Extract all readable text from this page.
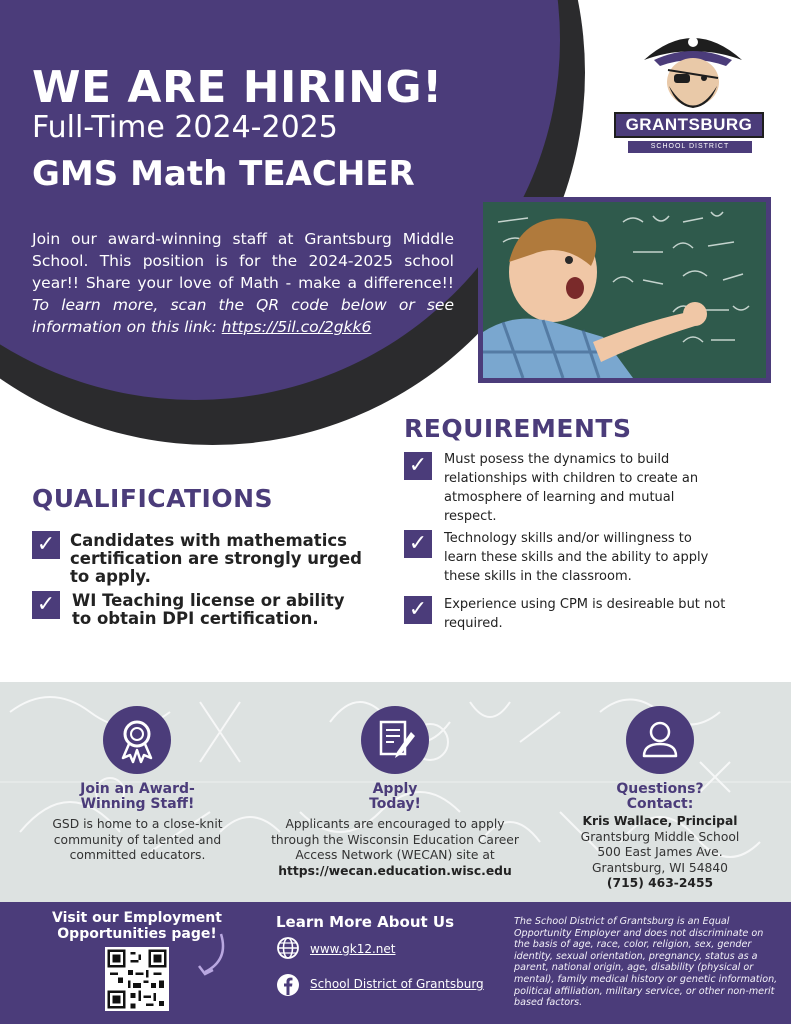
WE ARE HIRING!
Full-Time 2024-2025
GMS Math TEACHER
Join our award-winning staff at Grantsburg Middle School. This position is for the 2024-2025 school year!! Share your love of Math - make a difference!! To learn more, scan the QR code below or see information on this link: https://5il.co/2gkk6
GRANTSBURG
SCHOOL DISTRICT
REQUIREMENTS
✓	Must posess the dynamics to build relationships with children to create an atmosphere of learning and mutual respect.
✓	Technology skills and/or willingness to learn these skills and the ability to apply these skills in the classroom.
✓	Experience using CPM is desireable but not required.
QUALIFICATIONS
✓ Candidates with mathematics certification are strongly urged to apply.
✓ WI Teaching license or ability to obtain DPI certification.
Join an Award-Winning Staff!
GSD is home to a close-knit community of talented and committed educators.
Apply Today!
Applicants are encouraged to apply through the Wisconsin Education Career Access Network (WECAN) site at https://wecan.education.wisc.edu
Questions? Contact:
Kris Wallace, Principal
Grantsburg Middle School
500 East James Ave.
Grantsburg, WI 54840
(715) 463-2455
Visit our Employment Opportunities page!
Learn More About Us
www.gk12.net
School District of Grantsburg
The School District of Grantsburg is an Equal Opportunity Employer and does not discriminate on the basis of age, race, color, religion, sex, gender identity, sexual orientation, pregnancy, status as a parent, national origin, age, disability (physical or mental), family medical history or genetic information, political affiliation, military service, or other non-merit based factors.
